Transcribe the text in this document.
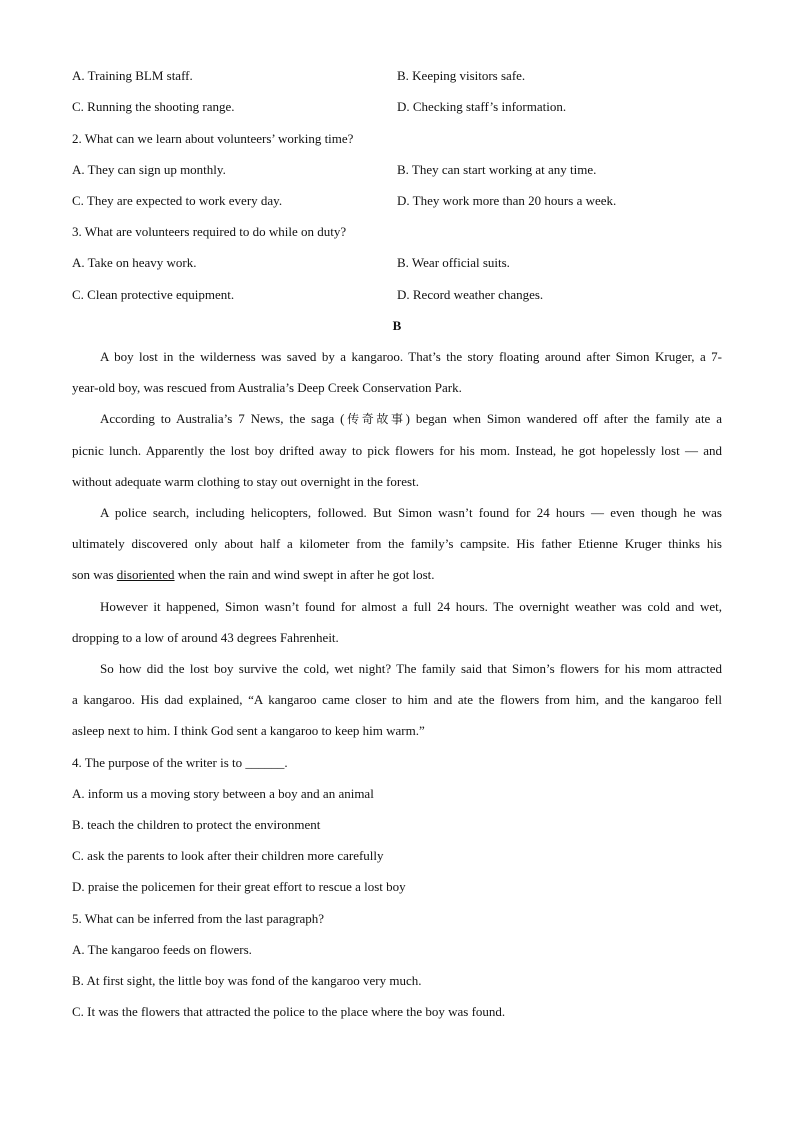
A. Training BLM staff.	B. Keeping visitors safe.
C. Running the shooting range.	D. Checking staff’s information.
2. What can we learn about volunteers’ working time?
A. They can sign up monthly.	B. They can start working at any time.
C. They are expected to work every day.	D. They work more than 20 hours a week.
3. What are volunteers required to do while on duty?
A. Take on heavy work.	B. Wear official suits.
C. Clean protective equipment.	D. Record weather changes.
B
A boy lost in the wilderness was saved by a kangaroo. That’s the story floating around after Simon Kruger, a 7-
year-old boy, was rescued from Australia’s Deep Creek Conservation Park.
According to Australia’s 7 News, the saga (传奇故事) began when Simon wandered off after the family ate a
picnic lunch. Apparently the lost boy drifted away to pick flowers for his mom. Instead, he got hopelessly lost — and
without adequate warm clothing to stay out overnight in the forest.
A police search, including helicopters, followed. But Simon wasn’t found for 24 hours — even though he was
ultimately discovered only about half a kilometer from the family’s campsite. His father Etienne Kruger thinks his
son was disoriented when the rain and wind swept in after he got lost.
However it happened, Simon wasn’t found for almost a full 24 hours. The overnight weather was cold and wet,
dropping to a low of around 43 degrees Fahrenheit.
So how did the lost boy survive the cold, wet night? The family said that Simon’s flowers for his mom attracted
a kangaroo. His dad explained, “A kangaroo came closer to him and ate the flowers from him, and the kangaroo fell
asleep next to him. I think God sent a kangaroo to keep him warm.”
4. The purpose of the writer is to ______.
A. inform us a moving story between a boy and an animal
B. teach the children to protect the environment
C. ask the parents to look after their children more carefully
D. praise the policemen for their great effort to rescue a lost boy
5. What can be inferred from the last paragraph?
A. The kangaroo feeds on flowers.
B. At first sight, the little boy was fond of the kangaroo very much.
C. It was the flowers that attracted the police to the place where the boy was found.
